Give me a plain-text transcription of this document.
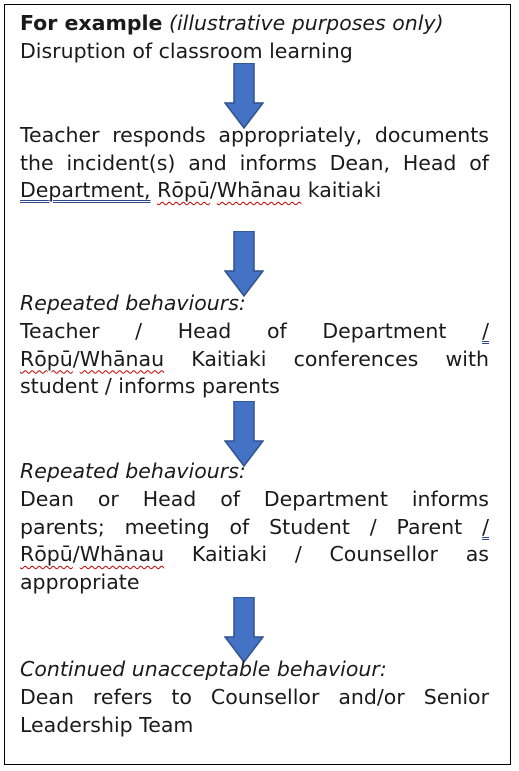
For example (illustrative purposes only)
Disruption of classroom learning

Teacher responds appropriately, documents the incident(s) and informs Dean, Head of Department, Rōpū/Whānau kaitiaki

Repeated behaviours:

Teacher / Head of Department / Rōpū/Whānau Kaitiaki conferences with student / informs parents

Repeated behaviours:

Dean or Head of Department informs parents; meeting of Student / Parent / Rōpū/Whānau Kaitiaki / Counsellor as appropriate

Continued unacceptable behaviour:

Dean refers to Counsellor and/or Senior Leadership Team
